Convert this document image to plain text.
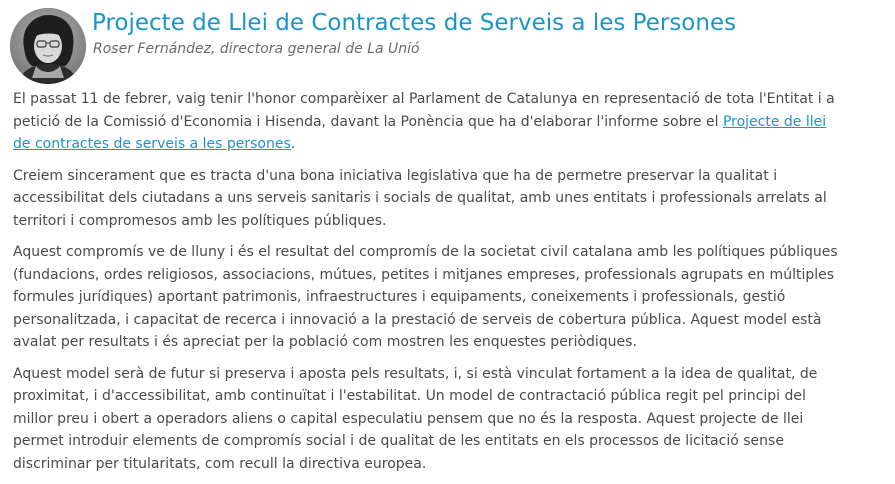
Projecte de Llei de Contractes de Serveis a les Persones

Roser Fernández, directora general de La Unió

El passat 11 de febrer, vaig tenir l'honor comparèixer al Parlament de Catalunya en representació de tota l'Entitat i a petició de la Comissió d'Economia i Hisenda, davant la Ponència que ha d'elaborar l'informe sobre el Projecte de llei de contractes de serveis a les persones.

Creiem sincerament que es tracta d'una bona iniciativa legislativa que ha de permetre preservar la qualitat i accessibilitat dels ciutadans a uns serveis sanitaris i socials de qualitat, amb unes entitats i professionals arrelats al territori i compromesos amb les polítiques públiques.

Aquest compromís ve de lluny i és el resultat del compromís de la societat civil catalana amb les polítiques públiques (fundacions, ordes religiosos, associacions, mútues, petites i mitjanes empreses, professionals agrupats en múltiples formules jurídiques) aportant patrimonis, infraestructures i equipaments, coneixements i professionals, gestió personalitzada, i capacitat de recerca i innovació a la prestació de serveis de cobertura pública. Aquest model està avalat per resultats i és apreciat per la població com mostren les enquestes periòdiques.

Aquest model serà de futur si preserva i aposta pels resultats, i, si està vinculat fortament a la idea de qualitat, de proximitat, i d'accessibilitat, amb continuïtat i l'estabilitat. Un model de contractació pública regit pel principi del millor preu i obert a operadors aliens o capital especulatiu pensem que no és la resposta. Aquest projecte de llei permet introduir elements de compromís social i de qualitat de les entitats en els processos de licitació sense discriminar per titularitats, com recull la directiva europea.
